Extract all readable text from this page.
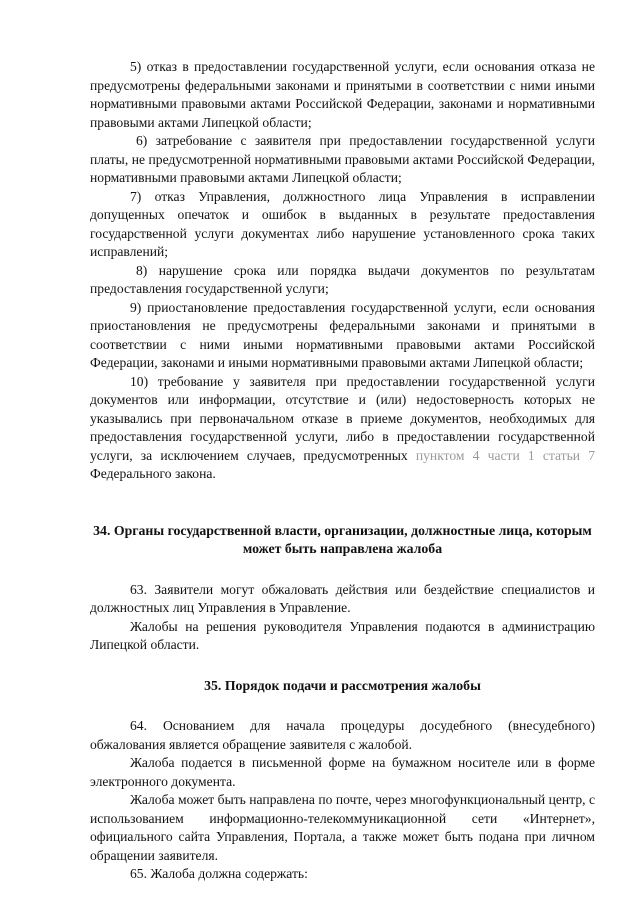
5) отказ в предоставлении государственной услуги, если основания отказа не предусмотрены федеральными законами и принятыми в соответствии с ними иными нормативными правовыми актами Российской Федерации, законами и нормативными правовыми актами Липецкой области;

6) затребование с заявителя при предоставлении государственной услуги платы, не предусмотренной нормативными правовыми актами Российской Федерации, нормативными правовыми актами Липецкой области;

7) отказ Управления, должностного лица Управления в исправлении допущенных опечаток и ошибок в выданных в результате предоставления государственной услуги документах либо нарушение установленного срока таких исправлений;

8) нарушение срока или порядка выдачи документов по результатам предоставления государственной услуги;

9) приостановление предоставления государственной услуги, если основания приостановления не предусмотрены федеральными законами и принятыми в соответствии с ними иными нормативными правовыми актами Российской Федерации, законами и иными нормативными правовыми актами Липецкой области;

10) требование у заявителя при предоставлении государственной услуги документов или информации, отсутствие и (или) недостоверность которых не указывались при первоначальном отказе в приеме документов, необходимых для предоставления государственной услуги, либо в предоставлении государственной услуги, за исключением случаев, предусмотренных пунктом 4 части 1 статьи 7 Федерального закона.

34. Органы государственной власти, организации, должностные лица, которым может быть направлена жалоба

63. Заявители могут обжаловать действия или бездействие специалистов и должностных лиц Управления в Управление.

Жалобы на решения руководителя Управления подаются в администрацию Липецкой области.

35. Порядок подачи и рассмотрения жалобы

64. Основанием для начала процедуры досудебного (внесудебного) обжалования является обращение заявителя с жалобой.

Жалоба подается в письменной форме на бумажном носителе или в форме электронного документа.

Жалоба может быть направлена по почте, через многофункциональный центр, с использованием информационно-телекоммуникационной сети «Интернет», официального сайта Управления, Портала, а также может быть подана при личном обращении заявителя.

65. Жалоба должна содержать:
